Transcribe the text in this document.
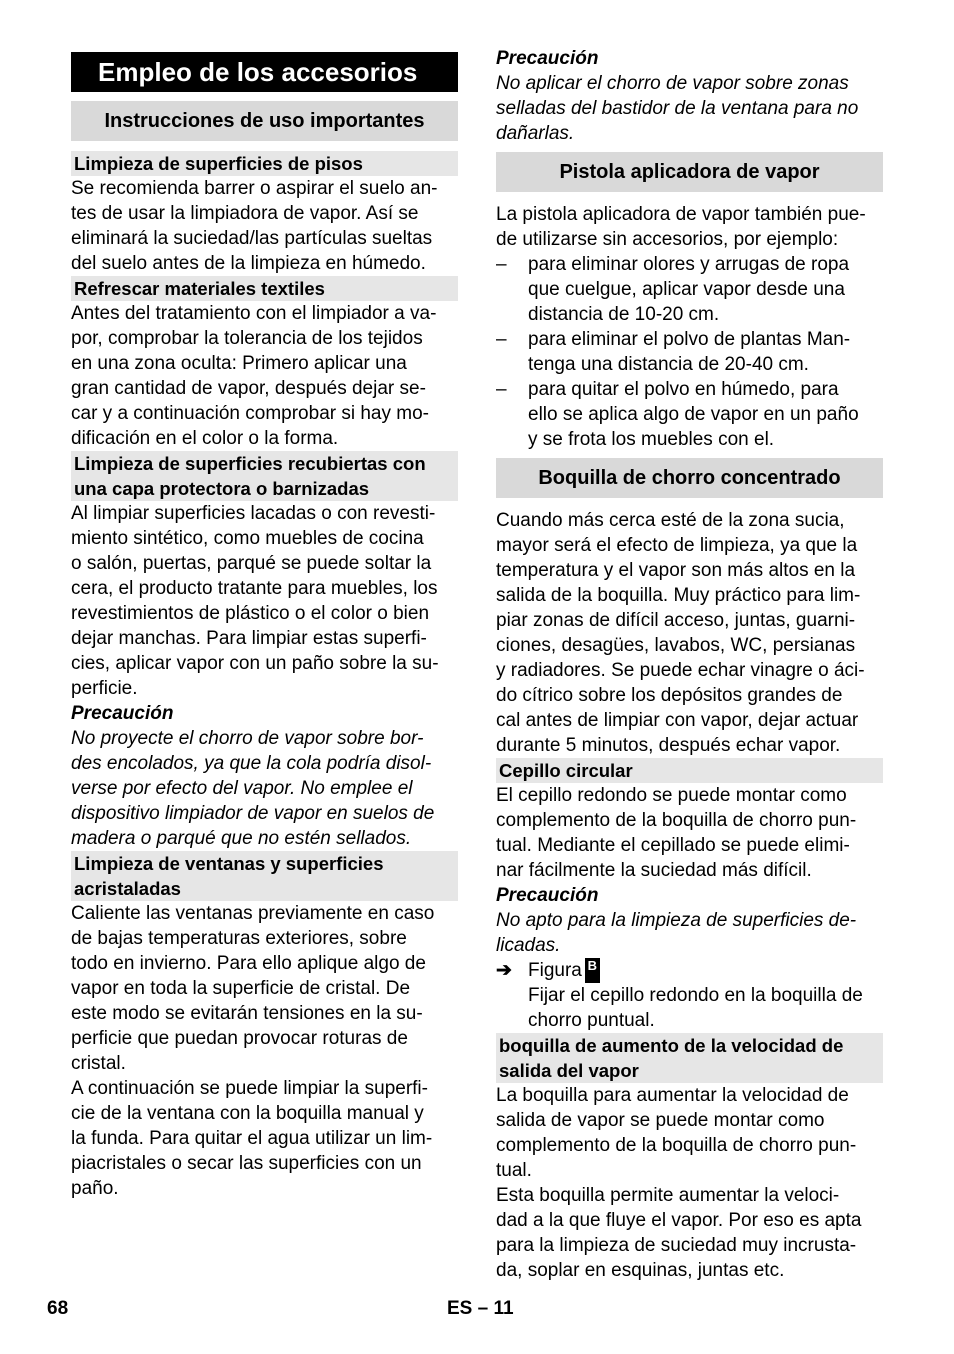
Empleo de los accesorios
Instrucciones de uso importantes
Limpieza de superficies de pisos
Se recomienda barrer o aspirar el suelo an-
tes de usar la limpiadora de vapor. Así se
eliminará la suciedad/las partículas sueltas
del suelo antes de la limpieza en húmedo.
Refrescar materiales textiles
Antes del tratamiento con el limpiador a va-
por, comprobar la tolerancia de los tejidos
en una zona oculta: Primero aplicar una
gran cantidad de vapor, después dejar se-
car y a continuación comprobar si hay mo-
dificación en el color o la forma.
Limpieza de superficies recubiertas con
una capa protectora o barnizadas
Al limpiar superficies lacadas o con revesti-
miento sintético, como muebles de cocina
o salón, puertas, parqué se puede soltar la
cera, el producto tratante para muebles, los
revestimientos de plástico o el color o bien
dejar manchas. Para limpiar estas superfi-
cies, aplicar vapor con un paño sobre la su-
perficie.
Precaución
No proyecte el chorro de vapor sobre bor-
des encolados, ya que la cola podría disol-
verse por efecto del vapor. No emplee el
dispositivo limpiador de vapor en suelos de
madera o parqué que no estén sellados.
Limpieza de ventanas y superficies
acristaladas
Caliente las ventanas previamente en caso
de bajas temperaturas exteriores, sobre
todo en invierno. Para ello aplique algo de
vapor en toda la superficie de cristal. De
este modo se evitarán tensiones en la su-
perficie que puedan provocar roturas de
cristal.
A continuación se puede limpiar la superfi-
cie de la ventana con la boquilla manual y
la funda. Para quitar el agua utilizar un lim-
piacristales o secar las superficies con un
paño.
Precaución
No aplicar el chorro de vapor sobre zonas
selladas del bastidor de la ventana para no
dañarlas.
Pistola aplicadora de vapor
La pistola aplicadora de vapor también pue-
de utilizarse sin accesorios, por ejemplo:
–	para eliminar olores y arrugas de ropa
que cuelgue, aplicar vapor desde una
distancia de 10-20 cm.
–	para eliminar el polvo de plantas Man-
tenga una distancia de 20-40 cm.
–	para quitar el polvo en húmedo, para
ello se aplica algo de vapor en un paño
y se frota los muebles con el.
Boquilla de chorro concentrado
Cuando más cerca esté de la zona sucia,
mayor será el efecto de limpieza, ya que la
temperatura y el vapor son más altos en la
salida de la boquilla. Muy práctico para lim-
piar zonas de difícil acceso, juntas, guarni-
ciones, desagües, lavabos, WC, persianas
y radiadores. Se puede echar vinagre o áci-
do cítrico sobre los depósitos grandes de
cal antes de limpiar con vapor, dejar actuar
durante 5 minutos, después echar vapor.
Cepillo circular
El cepillo redondo se puede montar como
complemento de la boquilla de chorro pun-
tual. Mediante el cepillado se puede elimi-
nar fácilmente la suciedad más difícil.
Precaución
No apto para la limpieza de superficies de-
licadas.
➔ Figura B
Fijar el cepillo redondo en la boquilla de
chorro puntual.
boquilla de aumento de la velocidad de
salida del vapor
La boquilla para aumentar la velocidad de
salida de vapor se puede montar como
complemento de la boquilla de chorro pun-
tual.
Esta boquilla permite aumentar la veloci-
dad a la que fluye el vapor. Por eso es apta
para la limpieza de suciedad muy incrusta-
da, soplar en esquinas, juntas etc.
68	ES – 11
